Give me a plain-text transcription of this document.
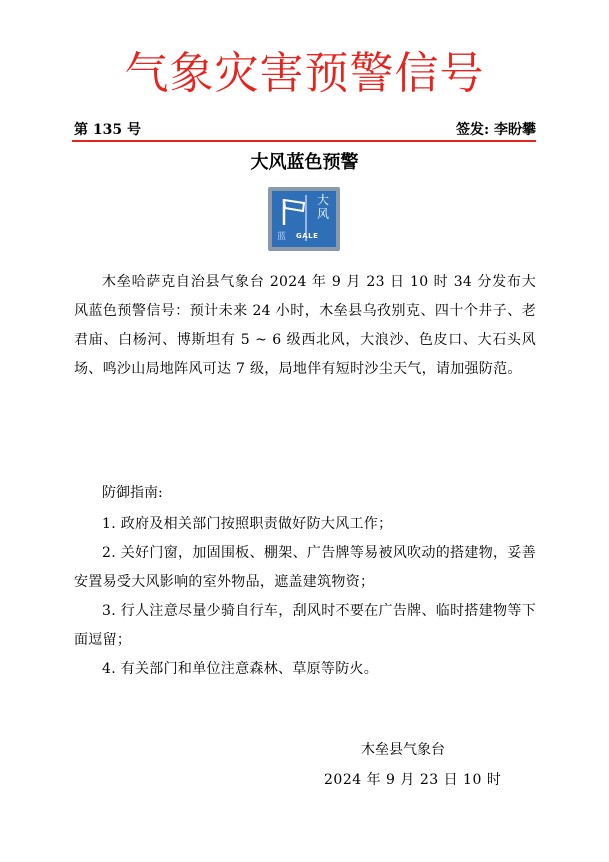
气象灾害预警信号
第 135 号	签发: 李盼攀
大风蓝色预警
大风
蓝 GALE
木垒哈萨克自治县气象台 2024 年 9 月 23 日 10 时 34 分发布大风蓝色预警信号：预计未来 24 小时，木垒县乌孜别克、四十个井子、老君庙、白杨河、博斯坦有 5 ~ 6 级西北风，大浪沙、色皮口、大石头风场、鸣沙山局地阵风可达 7 级，局地伴有短时沙尘天气，请加强防范。
防御指南:
1. 政府及相关部门按照职责做好防大风工作；
2. 关好门窗，加固围板、棚架、广告牌等易被风吹动的搭建物，妥善安置易受大风影响的室外物品，遮盖建筑物资；
3. 行人注意尽量少骑自行车，刮风时不要在广告牌、临时搭建物等下面逗留；
4. 有关部门和单位注意森林、草原等防火。
木垒县气象台
2024 年 9 月 23 日 10 时
